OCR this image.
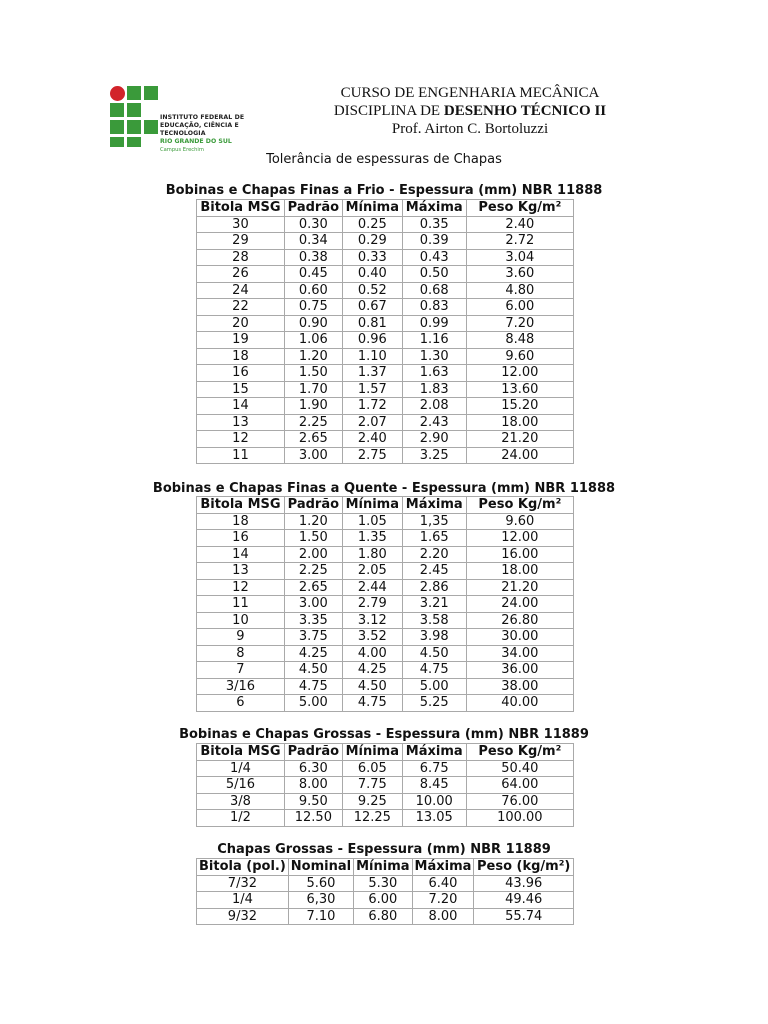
INSTITUTO FEDERAL DE
EDUCAÇÃO, CIÊNCIA E TECNOLOGIA
RIO GRANDE DO SUL
Campus Erechim
CURSO DE ENGENHARIA MECÂNICA
DISCIPLINA DE DESENHO TÉCNICO II
Prof. Airton C. Bortoluzzi
Tolerância de espessuras de Chapas
Bobinas e Chapas Finas a Frio - Espessura (mm) NBR 11888
Bitola MSG	Padrão	Mínima	Máxima	Peso Kg/m²
30	0.30	0.25	0.35	2.40
29	0.34	0.29	0.39	2.72
28	0.38	0.33	0.43	3.04
26	0.45	0.40	0.50	3.60
24	0.60	0.52	0.68	4.80
22	0.75	0.67	0.83	6.00
20	0.90	0.81	0.99	7.20
19	1.06	0.96	1.16	8.48
18	1.20	1.10	1.30	9.60
16	1.50	1.37	1.63	12.00
15	1.70	1.57	1.83	13.60
14	1.90	1.72	2.08	15.20
13	2.25	2.07	2.43	18.00
12	2.65	2.40	2.90	21.20
11	3.00	2.75	3.25	24.00
Bobinas e Chapas Finas a Quente - Espessura (mm) NBR 11888
Bitola MSG	Padrão	Mínima	Máxima	Peso Kg/m²
18	1.20	1.05	1,35	9.60
16	1.50	1.35	1.65	12.00
14	2.00	1.80	2.20	16.00
13	2.25	2.05	2.45	18.00
12	2.65	2.44	2.86	21.20
11	3.00	2.79	3.21	24.00
10	3.35	3.12	3.58	26.80
9	3.75	3.52	3.98	30.00
8	4.25	4.00	4.50	34.00
7	4.50	4.25	4.75	36.00
3/16	4.75	4.50	5.00	38.00
6	5.00	4.75	5.25	40.00
Bobinas e Chapas Grossas - Espessura (mm) NBR 11889
Bitola MSG	Padrão	Mínima	Máxima	Peso Kg/m²
1/4	6.30	6.05	6.75	50.40
5/16	8.00	7.75	8.45	64.00
3/8	9.50	9.25	10.00	76.00
1/2	12.50	12.25	13.05	100.00
Chapas Grossas - Espessura (mm) NBR 11889
Bitola (pol.)	Nominal	Mínima	Máxima	Peso (kg/m²)
7/32	5.60	5.30	6.40	43.96
1/4	6,30	6.00	7.20	49.46
9/32	7.10	6.80	8.00	55.74
